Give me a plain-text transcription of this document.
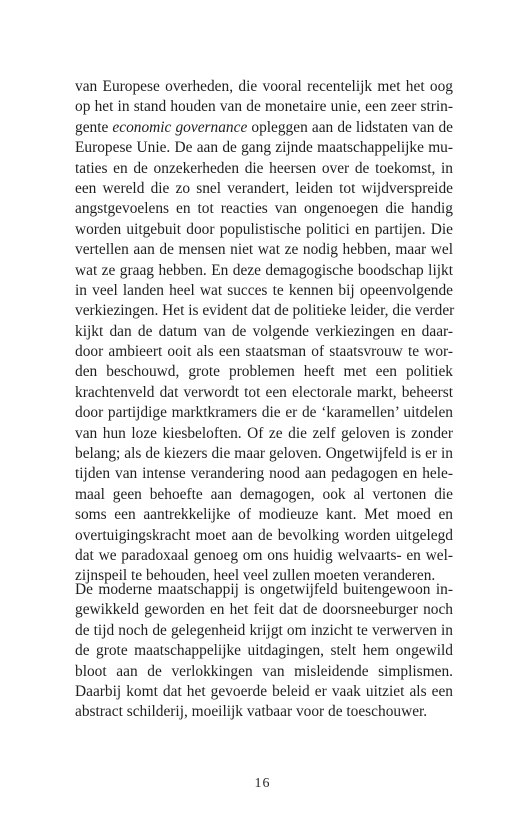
van Europese overheden, die vooral recentelijk met het oog
op het in stand houden van de monetaire unie, een zeer strin-
gente economic governance opleggen aan de lidstaten van de
Europese Unie. De aan de gang zijnde maatschappelijke mu-
taties en de onzekerheden die heersen over de toekomst, in
een wereld die zo snel verandert, leiden tot wijdverspreide
angstgevoelens en tot reacties van ongenoegen die handig
worden uitgebuit door populistische politici en partijen. Die
vertellen aan de mensen niet wat ze nodig hebben, maar wel
wat ze graag hebben. En deze demagogische boodschap lijkt
in veel landen heel wat succes te kennen bij opeenvolgende
verkiezingen. Het is evident dat de politieke leider, die verder
kijkt dan de datum van de volgende verkiezingen en daar-
door ambieert ooit als een staatsman of staatsvrouw te wor-
den beschouwd, grote problemen heeft met een politiek
krachtenveld dat verwordt tot een electorale markt, beheerst
door partijdige marktkramers die er de ‘karamellen’ uitdelen
van hun loze kiesbeloften. Of ze die zelf geloven is zonder
belang; als de kiezers die maar geloven. Ongetwijfeld is er in
tijden van intense verandering nood aan pedagogen en hele-
maal geen behoefte aan demagogen, ook al vertonen die
soms een aantrekkelijke of modieuze kant. Met moed en
overtuigingskracht moet aan de bevolking worden uitgelegd
dat we paradoxaal genoeg om ons huidig welvaarts- en wel-
zijnspeil te behouden, heel veel zullen moeten veranderen.
De moderne maatschappij is ongetwijfeld buitengewoon in-
gewikkeld geworden en het feit dat de doorsneeburger noch
de tijd noch de gelegenheid krijgt om inzicht te verwerven in
de grote maatschappelijke uitdagingen, stelt hem ongewild
bloot aan de verlokkingen van misleidende simplismen.
Daarbij komt dat het gevoerde beleid er vaak uitziet als een
abstract schilderij, moeilijk vatbaar voor de toeschouwer.
16
